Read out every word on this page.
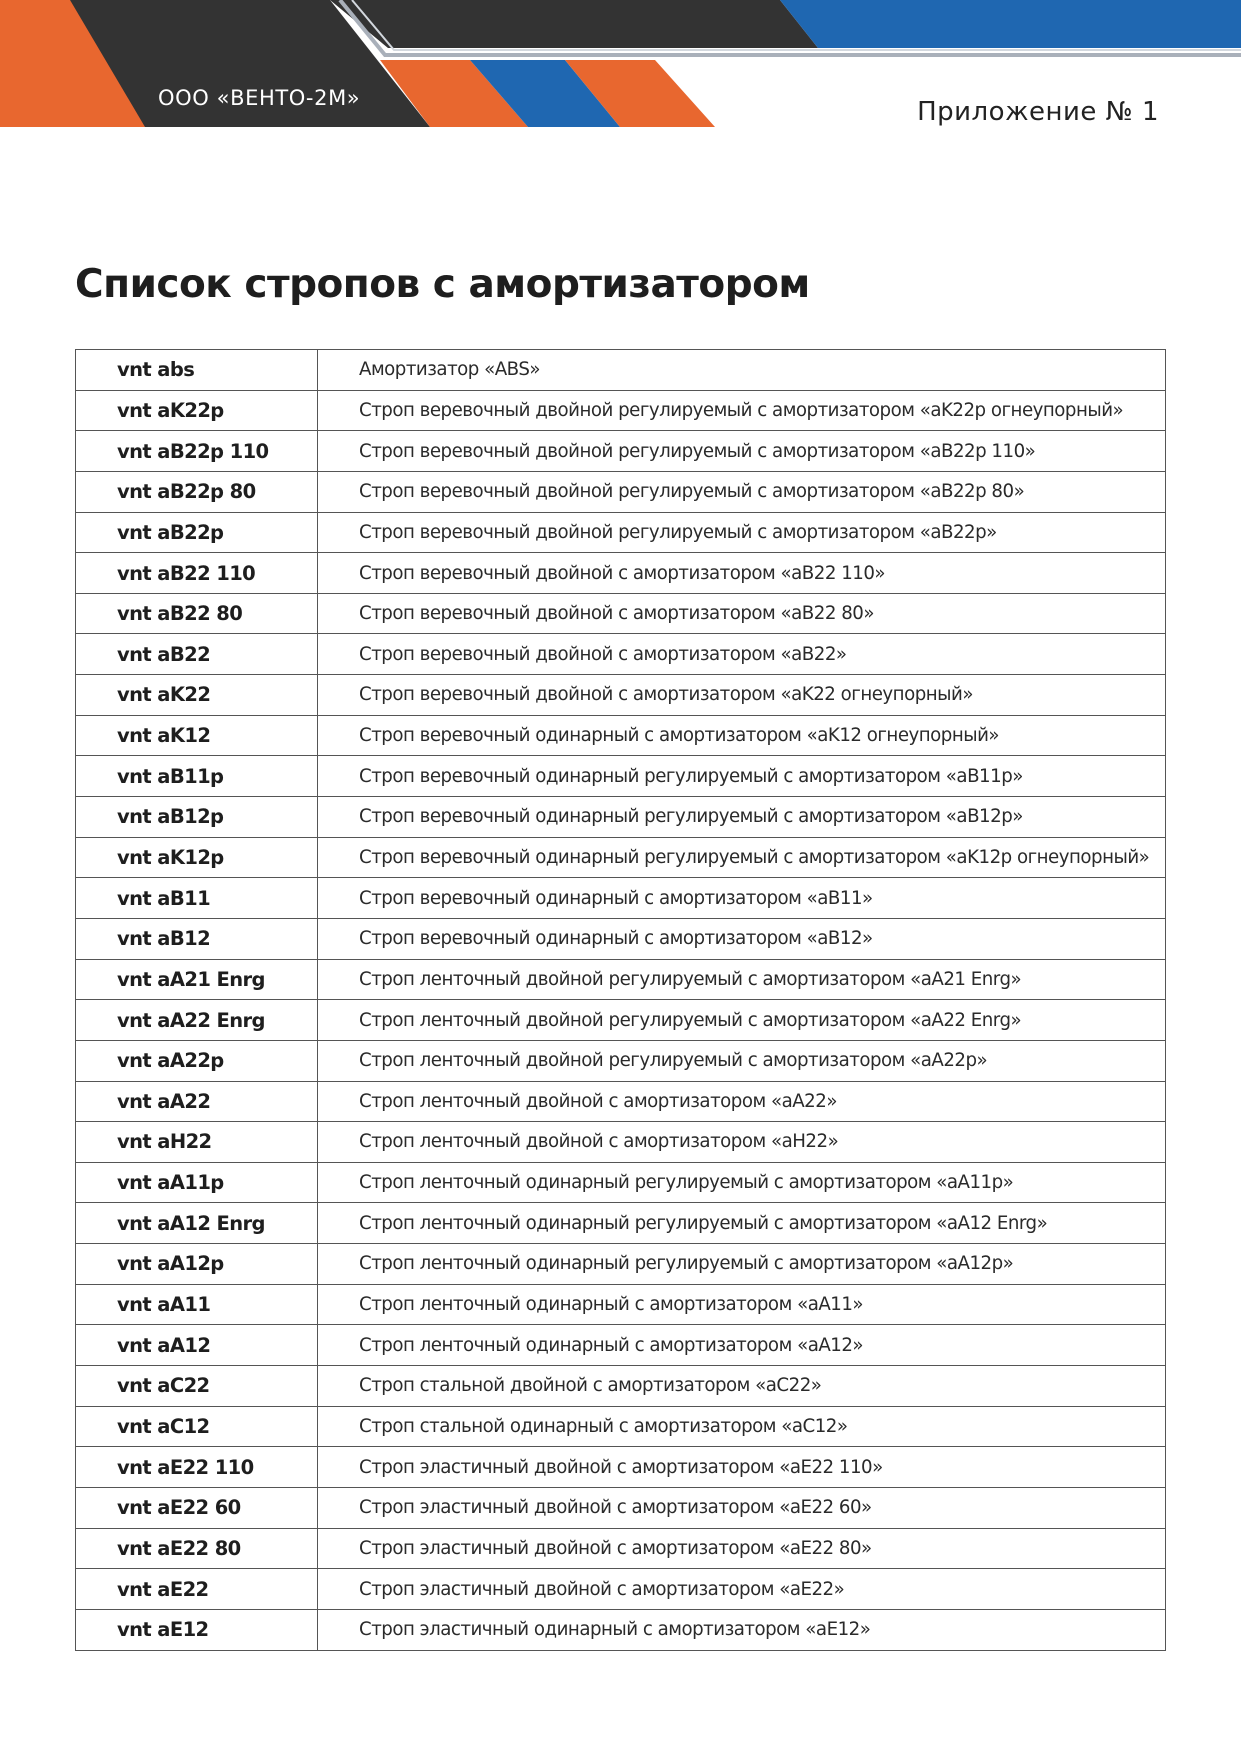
ООО «ВЕНТО-2М»	Приложение № 1
Список стропов с амортизатором
vnt abs	Амортизатор «ABS»
vnt aK22p	Строп веревочный двойной регулируемый с амортизатором «aK22p огнеупорный»
vnt aB22p 110	Строп веревочный двойной регулируемый с амортизатором «aB22p 110»
vnt aB22p 80	Строп веревочный двойной регулируемый с амортизатором «aB22p 80»
vnt aB22p	Строп веревочный двойной регулируемый с амортизатором «aB22p»
vnt aB22 110	Строп веревочный двойной с амортизатором «aB22 110»
vnt aB22 80	Строп веревочный двойной с амортизатором «aB22 80»
vnt aB22	Строп веревочный двойной с амортизатором «aB22»
vnt aK22	Строп веревочный двойной с амортизатором «aK22 огнеупорный»
vnt aK12	Строп веревочный одинарный с амортизатором «aK12 огнеупорный»
vnt aB11p	Строп веревочный одинарный регулируемый с амортизатором «aB11p»
vnt aB12p	Строп веревочный одинарный регулируемый с амортизатором «aB12p»
vnt aK12p	Строп веревочный одинарный регулируемый с амортизатором «aK12p огнеупорный»
vnt aB11	Строп веревочный одинарный с амортизатором «aB11»
vnt aB12	Строп веревочный одинарный с амортизатором «aB12»
vnt aA21 Enrg	Строп ленточный двойной регулируемый с амортизатором «aA21 Enrg»
vnt aA22 Enrg	Строп ленточный двойной регулируемый с амортизатором «aA22 Enrg»
vnt aA22p	Строп ленточный двойной регулируемый с амортизатором «aA22p»
vnt aA22	Строп ленточный двойной с амортизатором «aA22»
vnt aH22	Строп ленточный двойной с амортизатором «aH22»
vnt aA11p	Строп ленточный одинарный регулируемый с амортизатором «aA11p»
vnt aA12 Enrg	Строп ленточный одинарный регулируемый с амортизатором «aA12 Enrg»
vnt aA12p	Строп ленточный одинарный регулируемый с амортизатором «aA12p»
vnt aA11	Строп ленточный одинарный с амортизатором «aA11»
vnt aA12	Строп ленточный одинарный с амортизатором «aA12»
vnt aC22	Строп стальной двойной с амортизатором «aC22»
vnt aC12	Строп стальной одинарный с амортизатором «aC12»
vnt aE22 110	Строп эластичный двойной с амортизатором «aE22 110»
vnt aE22 60	Строп эластичный двойной с амортизатором «aE22 60»
vnt aE22 80	Строп эластичный двойной с амортизатором «aE22 80»
vnt aE22	Строп эластичный двойной с амортизатором «aE22»
vnt aE12	Строп эластичный одинарный с амортизатором «aE12»
